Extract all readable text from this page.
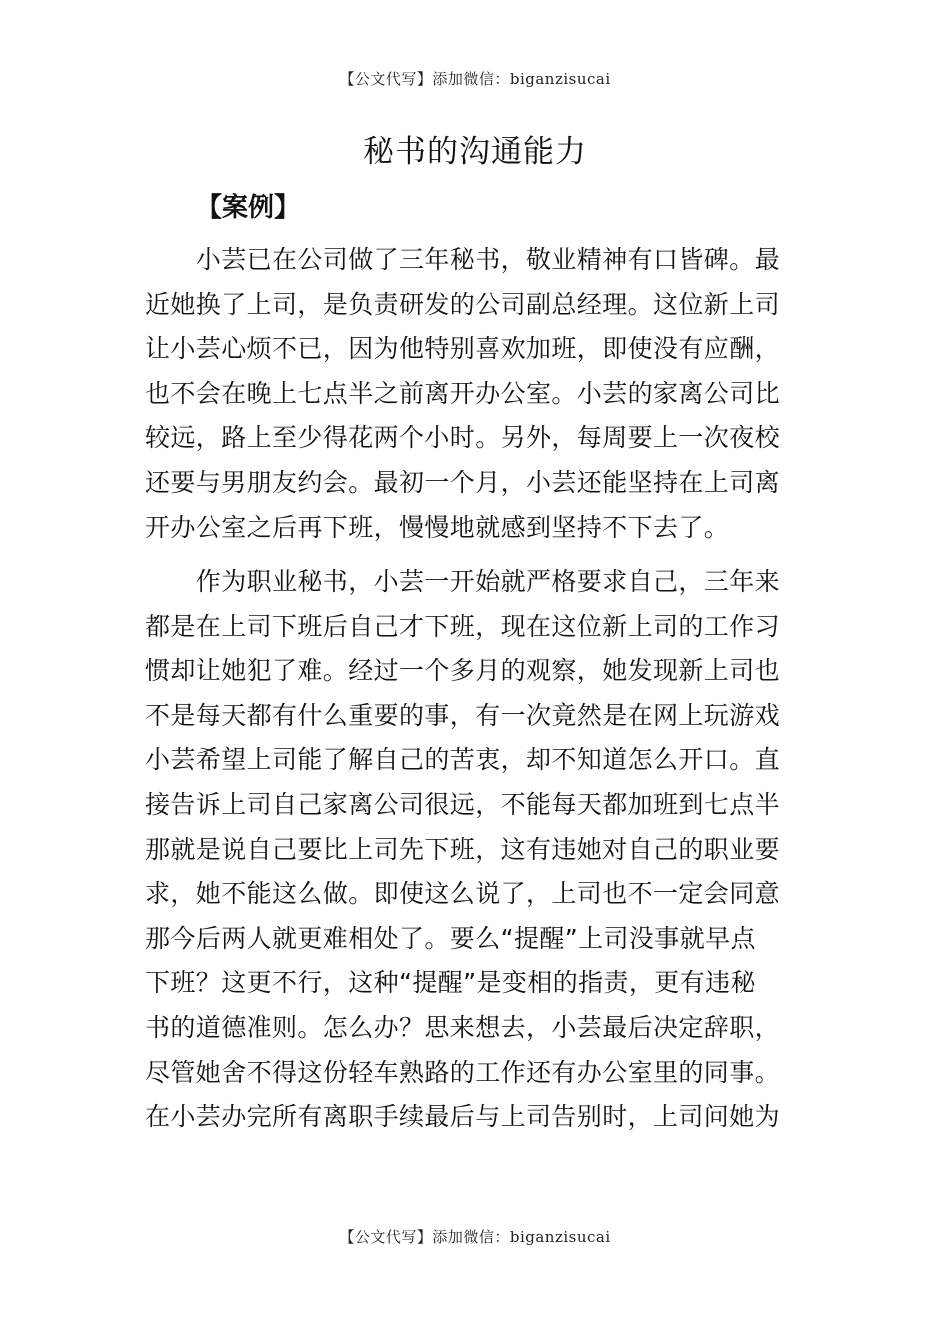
【公文代写】添加微信：biganzisucai
秘书的沟通能力
【案例】
　　小芸已在公司做了三年秘书，敬业精神有口皆碑。最
近她换了上司，是负责研发的公司副总经理。这位新上司
让小芸心烦不已，因为他特别喜欢加班，即使没有应酬，
也不会在晚上七点半之前离开办公室。小芸的家离公司比
较远，路上至少得花两个小时。另外，每周要上一次夜校
还要与男朋友约会。最初一个月，小芸还能坚持在上司离
开办公室之后再下班，慢慢地就感到坚持不下去了。
　　作为职业秘书，小芸一开始就严格要求自己，三年来
都是在上司下班后自己才下班，现在这位新上司的工作习
惯却让她犯了难。经过一个多月的观察，她发现新上司也
不是每天都有什么重要的事，有一次竟然是在网上玩游戏
小芸希望上司能了解自己的苦衷，却不知道怎么开口。直
接告诉上司自己家离公司很远，不能每天都加班到七点半
那就是说自己要比上司先下班，这有违她对自己的职业要
求，她不能这么做。即使这么说了，上司也不一定会同意
那今后两人就更难相处了。要么“提醒”上司没事就早点
下班？这更不行，这种“提醒”是变相的指责，更有违秘
书的道德准则。怎么办？思来想去，小芸最后决定辞职，
尽管她舍不得这份轻车熟路的工作还有办公室里的同事。
在小芸办完所有离职手续最后与上司告别时，上司问她为
【公文代写】添加微信：biganzisucai
